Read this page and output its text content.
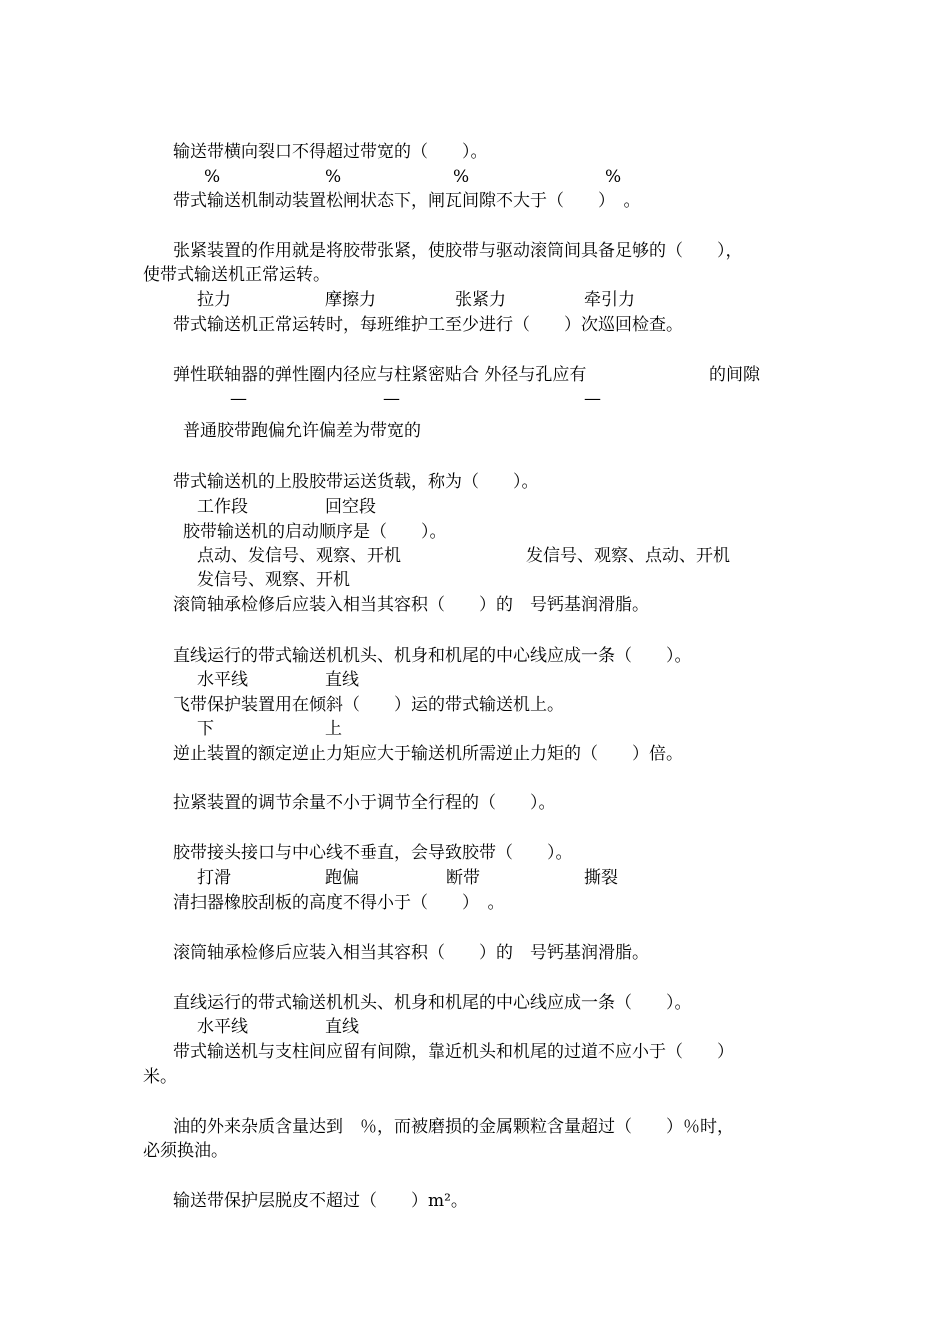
输送带横向裂口不得超过带宽的（　　）。
%	%	%	%
带式输送机制动装置松闸状态下，闸瓦间隙不大于（　　）　。
张紧装置的作用就是将胶带张紧，使胶带与驱动滚筒间具备足够的（　　），
使带式输送机正常运转。
拉力	摩擦力	张紧力	牵引力
带式输送机正常运转时，每班维护工至少进行（　　）次巡回检查。
弹性联轴器的弹性圈内径应与柱紧密贴合 外径与孔应有	的间隙
—	—	—
普通胶带跑偏允许偏差为带宽的
带式输送机的上股胶带运送货载，称为（　　）。
工作段	回空段
胶带输送机的启动顺序是（　　）。
点动、发信号、观察、开机	发信号、观察、点动、开机
发信号、观察、开机
滚筒轴承检修后应装入相当其容积（　　）的　号钙基润滑脂。
直线运行的带式输送机机头、机身和机尾的中心线应成一条（　　）。
水平线	直线
飞带保护装置用在倾斜（　　）运的带式输送机上。
下	上
逆止装置的额定逆止力矩应大于输送机所需逆止力矩的（　　）倍。
拉紧装置的调节余量不小于调节全行程的（　　）。
胶带接头接口与中心线不垂直，会导致胶带（　　）。
打滑	跑偏	断带	撕裂
清扫器橡胶刮板的高度不得小于（　　）　。
滚筒轴承检修后应装入相当其容积（　　）的　号钙基润滑脂。
直线运行的带式输送机机头、机身和机尾的中心线应成一条（　　）。
水平线	直线
带式输送机与支柱间应留有间隙，靠近机头和机尾的过道不应小于（　　）
米。
油的外来杂质含量达到　％，而被磨损的金属颗粒含量超过（　　）％时，
必须换油。
输送带保护层脱皮不超过（　　）m²。
